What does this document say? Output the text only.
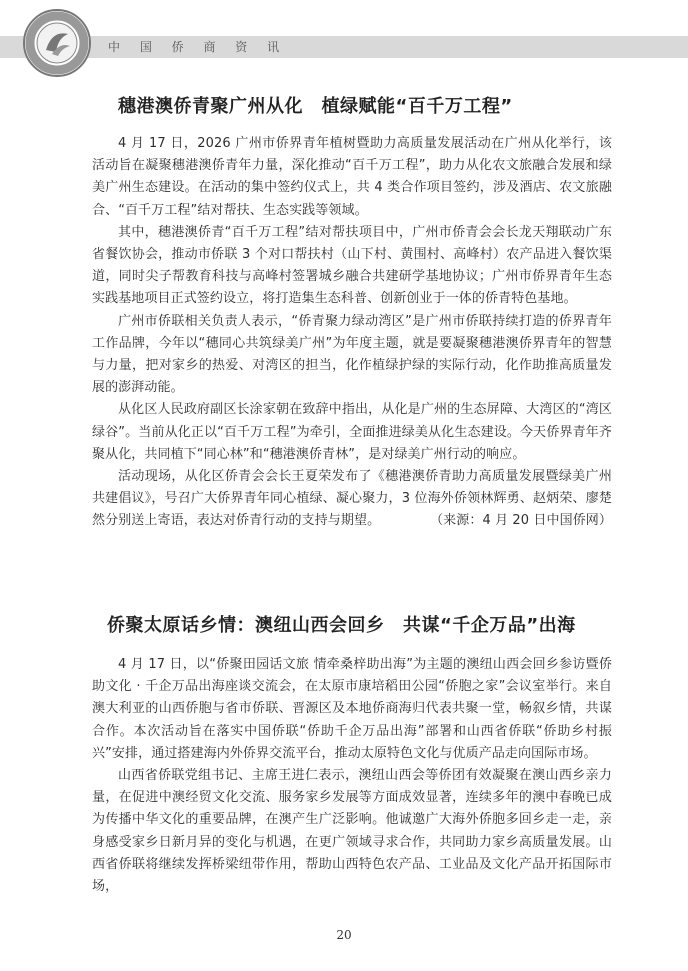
中 国 侨 商 资 讯
穗港澳侨青聚广州从化　植绿赋能“百千万工程”

4 月 17 日，2026 广州市侨界青年植树暨助力高质量发展活动在广州从化举行，该活动旨在凝聚穗港澳侨青年力量，深化推动“百千万工程”，助力从化农文旅融合发展和绿美广州生态建设。在活动的集中签约仪式上，共 4 类合作项目签约，涉及酒店、农文旅融合、“百千万工程”结对帮扶、生态实践等领域。

其中，穗港澳侨青“百千万工程”结对帮扶项目中，广州市侨青会会长龙天翔联动广东省餐饮协会，推动市侨联 3 个对口帮扶村（山下村、黄围村、高峰村）农产品进入餐饮渠道，同时尖子帮教育科技与高峰村签署城乡融合共建研学基地协议；广州市侨界青年生态实践基地项目正式签约设立，将打造集生态科普、创新创业于一体的侨青特色基地。

广州市侨联相关负责人表示，“侨青聚力绿动湾区”是广州市侨联持续打造的侨界青年工作品牌，今年以“穗同心共筑绿美广州”为年度主题，就是要凝聚穗港澳侨界青年的智慧与力量，把对家乡的热爱、对湾区的担当，化作植绿护绿的实际行动，化作助推高质量发展的澎湃动能。

从化区人民政府副区长涂家朝在致辞中指出，从化是广州的生态屏障、大湾区的“湾区绿谷”。当前从化正以“百千万工程”为牵引，全面推进绿美从化生态建设。今天侨界青年齐聚从化，共同植下“同心林”和“穗港澳侨青林”，是对绿美广州行动的响应。

活动现场，从化区侨青会会长王夏荣发布了《穗港澳侨青助力高质量发展暨绿美广州共建倡议》，号召广大侨界青年同心植绿、凝心聚力，3 位海外侨领林辉勇、赵炳荣、廖楚然分别送上寄语，表达对侨青行动的支持与期望。	（来源：4 月 20 日中国侨网）

侨聚太原话乡情：澳纽山西会回乡　共谋“千企万品”出海

4 月 17 日，以“侨聚田园话文旅 情牵桑梓助出海”为主题的澳纽山西会回乡参访暨侨助文化 · 千企万品出海座谈交流会，在太原市康培稻田公园“侨胞之家”会议室举行。来自澳大利亚的山西侨胞与省市侨联、晋源区及本地侨商海归代表共聚一堂，畅叙乡情，共谋合作。本次活动旨在落实中国侨联“侨助千企万品出海”部署和山西省侨联“侨助乡村振兴”安排，通过搭建海内外侨界交流平台，推动太原特色文化与优质产品走向国际市场。

山西省侨联党组书记、主席王进仁表示，澳纽山西会等侨团有效凝聚在澳山西乡亲力量，在促进中澳经贸文化交流、服务家乡发展等方面成效显著，连续多年的澳中春晚已成为传播中华文化的重要品牌，在澳产生广泛影响。他诚邀广大海外侨胞多回乡走一走，亲身感受家乡日新月异的变化与机遇，在更广领域寻求合作，共同助力家乡高质量发展。山西省侨联将继续发挥桥梁纽带作用，帮助山西特色农产品、工业品及文化产品开拓国际市场，

20
